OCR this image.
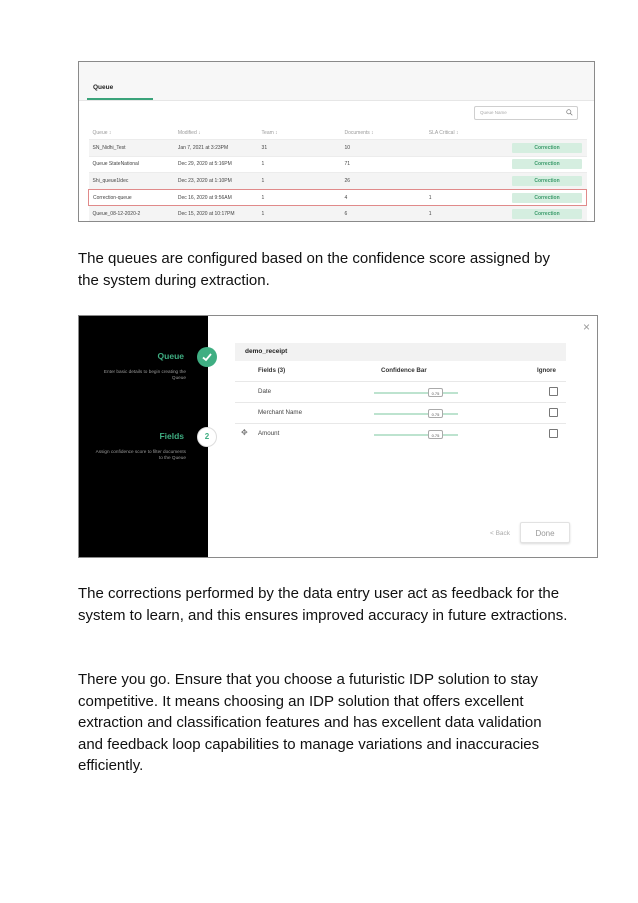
Queue
Queue Name
Queue ↕	Modified ↓	Team ↕	Documents ↕	SLA Critical ↕	
SN_Nidhi_Test	Jan 7, 2021 at 3:23PM	31	10		Correction
Queue StateNational	Dec 29, 2020 at 5:16PM	1	71		Correction
Shi_queue1ldec	Dec 23, 2020 at 1:10PM	1	26		Correction
Correction-queue	Dec 16, 2020 at 9:56AM	1	4	1	Correction
Queue_08-12-2020-2	Dec 15, 2020 at 10:17PM	1	6	1	Correction

The queues are configured based on the confidence score assigned by the system during extraction.

Queue
Enter basic details to begin creating the Queue
Fields
Assign confidence score to filter documents to the Queue
2
×
demo_receipt
Fields (3)	Confidence Bar	Ignore
Date	0.75
Merchant Name	0.75
✥ Amount	0.75
< Back	Done

The corrections performed by the data entry user act as feedback for the system to learn, and this ensures improved accuracy in future extractions.

There you go. Ensure that you choose a futuristic IDP solution to stay competitive. It means choosing an IDP solution that offers excellent extraction and classification features and has excellent data validation and feedback loop capabilities to manage variations and inaccuracies efficiently.
